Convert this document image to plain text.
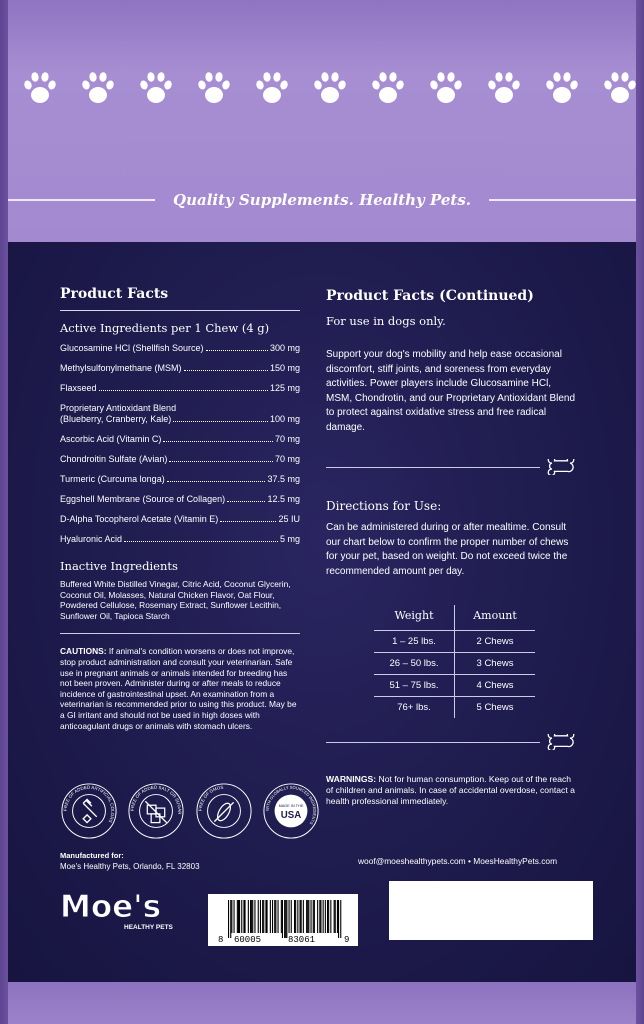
Quality Supplements. Healthy Pets.
Product Facts
Active Ingredients per 1 Chew (4 g)
Glucosamine HCl (Shellfish Source)	300 mg
Methylsulfonylmethane (MSM)	150 mg
Flaxseed	125 mg
Proprietary Antioxidant Blend
(Blueberry, Cranberry, Kale)	100 mg
Ascorbic Acid (Vitamin C)	70 mg
Chondroitin Sulfate (Avian)	70 mg
Turmeric (Curcuma longa)	37.5 mg
Eggshell Membrane (Source of Collagen)	12.5 mg
D-Alpha Tocopherol Acetate (Vitamin E)	25 IU
Hyaluronic Acid	5 mg
Inactive Ingredients
Buffered White Distilled Vinegar, Citric Acid, Coconut Glycerin, Coconut Oil, Molasses, Natural Chicken Flavor, Oat Flour, Powdered Cellulose, Rosemary Extract, Sunflower Lecithin, Sunflower Oil, Tapioca Starch
CAUTIONS: If animal's condition worsens or does not improve, stop product administration and consult your veterinarian. Safe use in pregnant animals or animals intended for breeding has not been proven. Administer during or after meals to reduce incidence of gastrointestinal upset. An examination from a veterinarian is recommended prior to using this product. May be a GI irritant and should not be used in high doses with anticoagulant drugs or animals with stomach ulcers.
Product Facts (Continued)
For use in dogs only.
Support your dog's mobility and help ease occasional discomfort, stiff joints, and soreness from everyday activities. Power players include Glucosamine HCl, MSM, Chondrotin, and our Proprietary Antioxidant Blend to protect against oxidative stress and free radical damage.
Directions for Use:
Can be administered during or after mealtime. Consult our chart below to confirm the proper number of chews for your pet, based on weight. Do not exceed twice the recommended amount per day.
Weight	Amount
1 – 25 lbs.	2 Chews
26 – 50 lbs.	3 Chews
51 – 75 lbs.	4 Chews
76+ lbs.	5 Chews
WARNINGS: Not for human consumption. Keep out of the reach of children and animals. In case of accidental overdose, contact a health professional immediately.
FREE OF ADDED ARTIFICIAL COLORS
FREE OF ADDED SALT OR SUGAR
FREE OF GMOS
WITH GLOBALLY SOURCED INGREDIENTS
MADE IN THE
USA
Manufactured for:
Moe's Healthy Pets, Orlando, FL 32803
Moe's
HEALTHY PETS
8 60005	83061	9
woof@moeshealthypets.com • MoesHealthyPets.com
